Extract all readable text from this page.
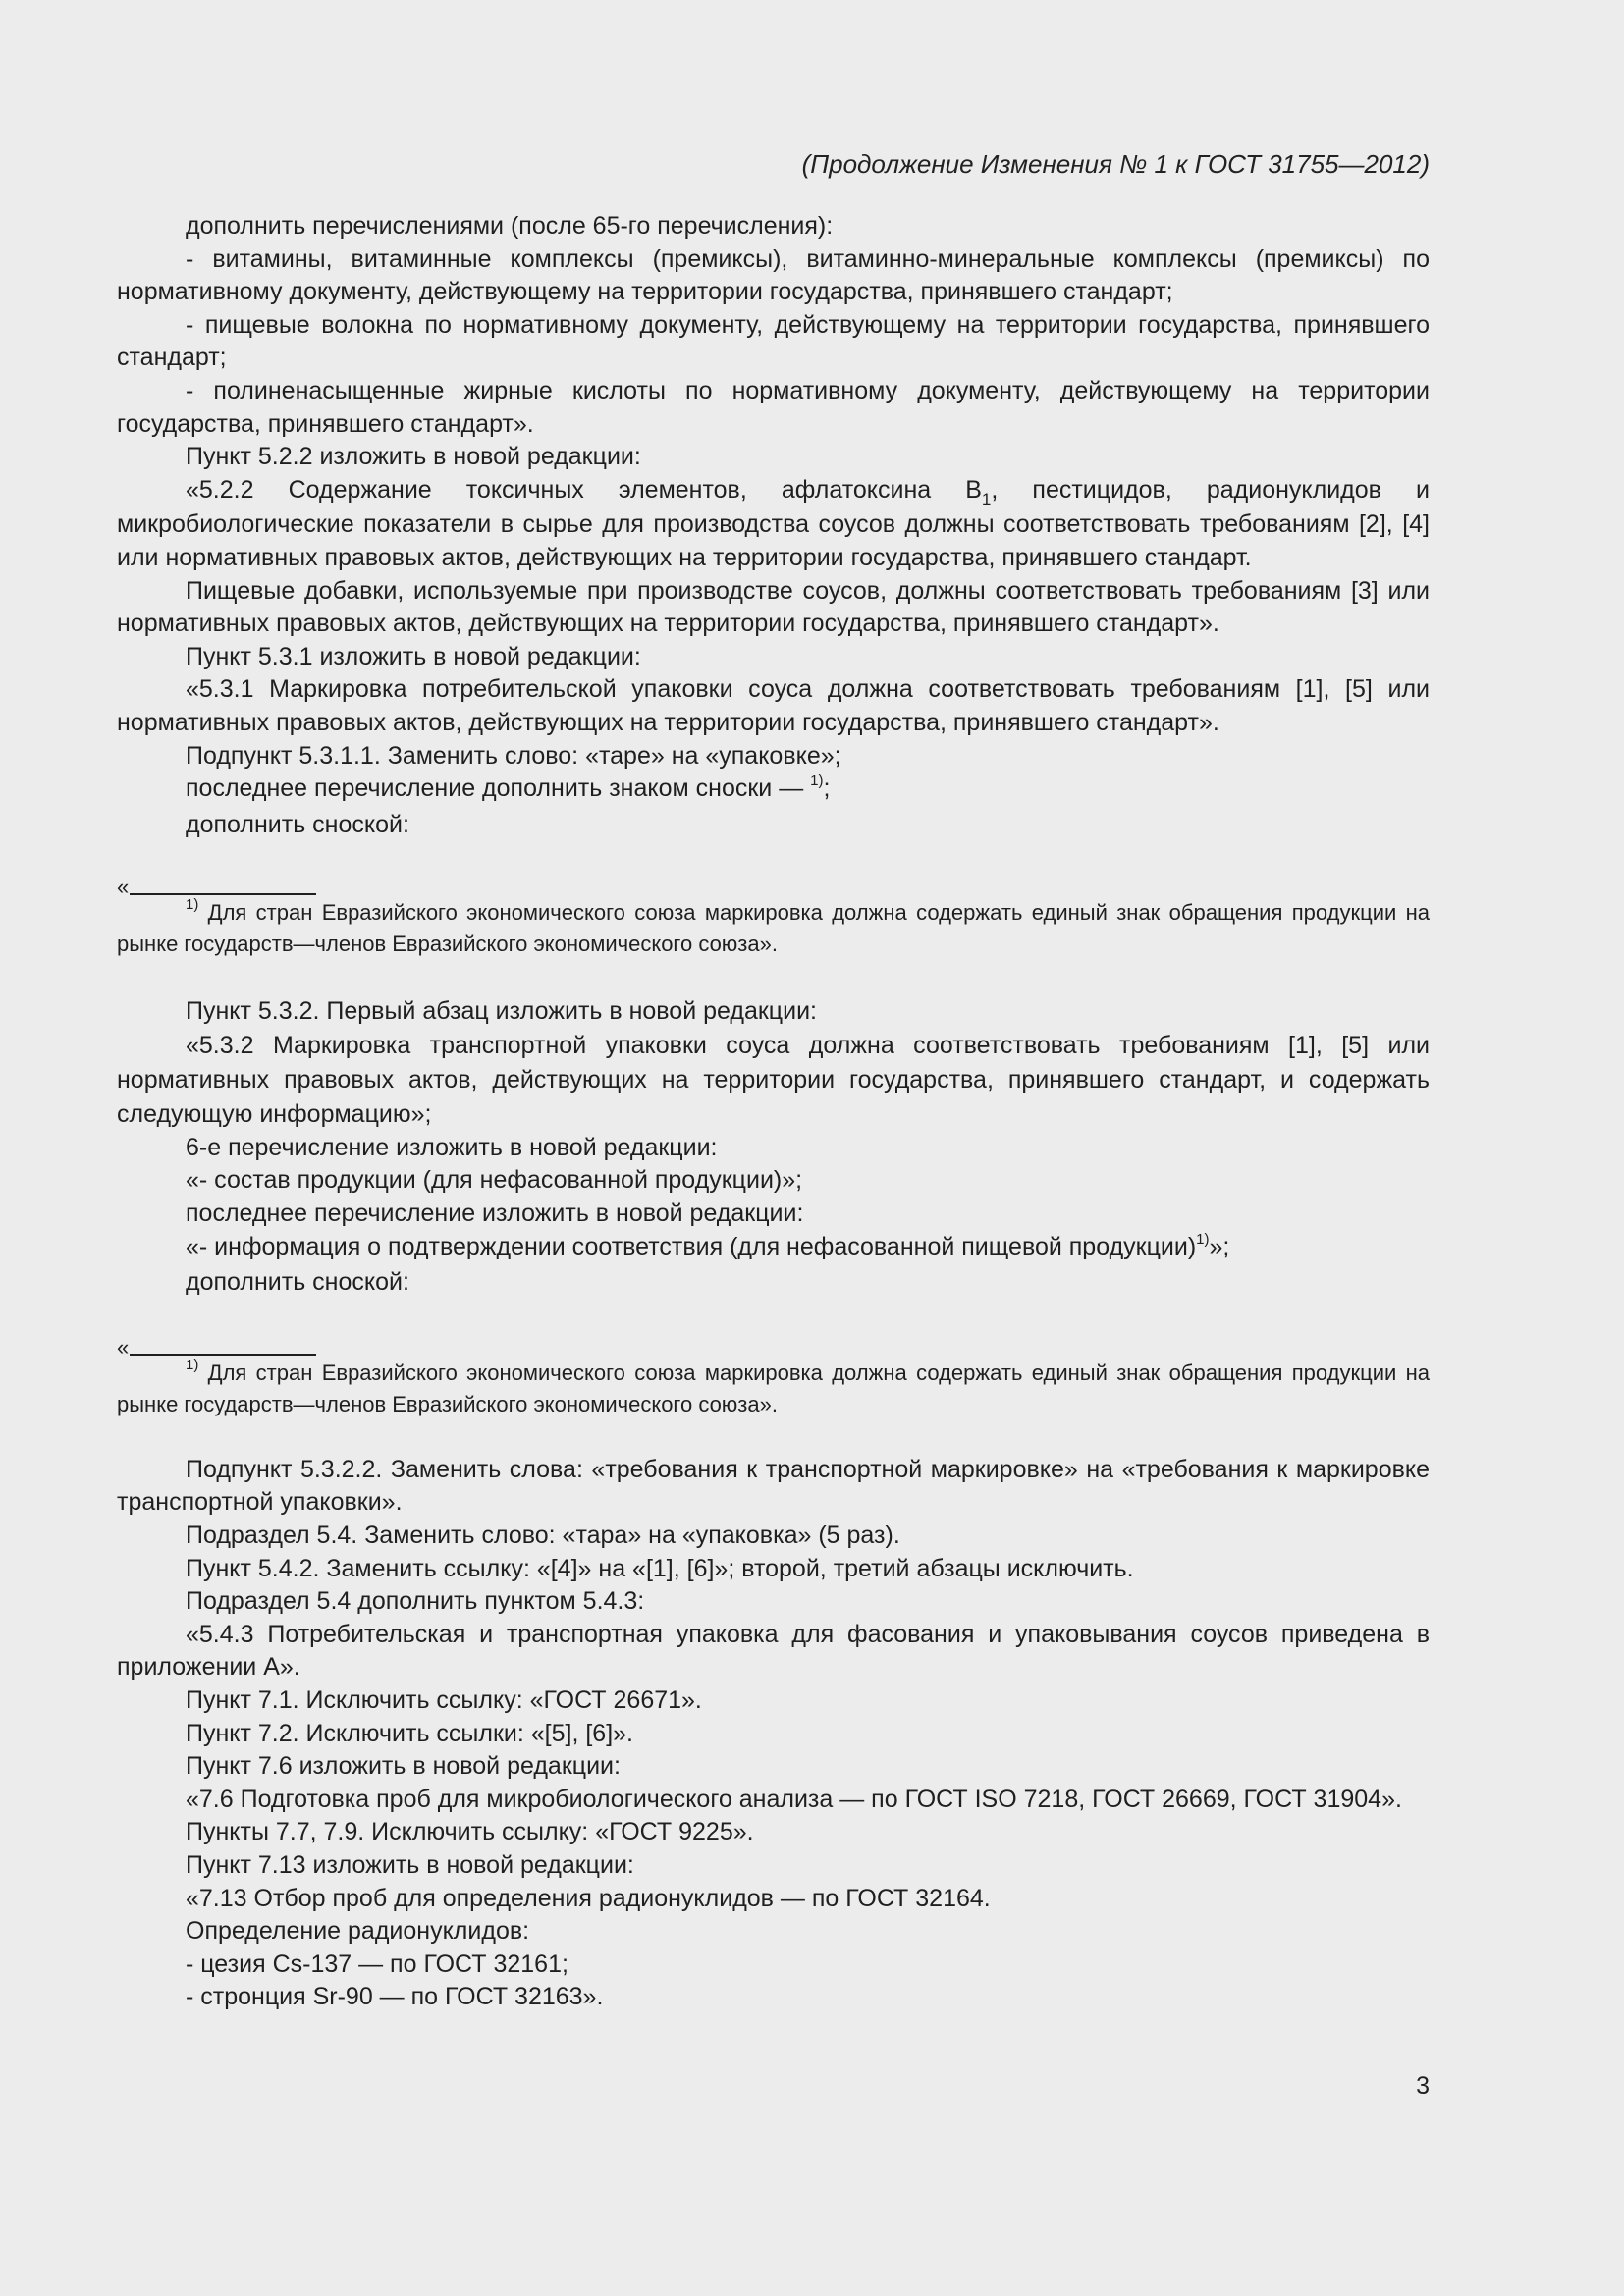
(Продолжение Изменения № 1 к ГОСТ 31755—2012)

дополнить перечислениями (после 65-го перечисления):

- витамины, витаминные комплексы (премиксы), витаминно-минеральные комплексы (премиксы) по нормативному документу, действующему на территории государства, принявшего стандарт;

- пищевые волокна по нормативному документу, действующему на территории государства, принявшего стандарт;

- полиненасыщенные жирные кислоты по нормативному документу, действующему на территории государства, принявшего стандарт».

Пункт 5.2.2 изложить в новой редакции:

«5.2.2 Содержание токсичных элементов, афлатоксина $B_1$, пестицидов, радионуклидов и микробиологические показатели в сырье для производства соусов должны соответствовать требованиям [2], [4] или нормативных правовых актов, действующих на территории государства, принявшего стандарт.

Пищевые добавки, используемые при производстве соусов, должны соответствовать требованиям [3] или нормативных правовых актов, действующих на территории государства, принявшего стандарт».

Пункт 5.3.1 изложить в новой редакции:

«5.3.1 Маркировка потребительской упаковки соуса должна соответствовать требованиям [1], [5] или нормативных правовых актов, действующих на территории государства, принявшего стандарт».

Подпункт 5.3.1.1. Заменить слово: «таре» на «упаковке»;

последнее перечисление дополнить знаком сноски — $^{1)}$;

дополнить сноской:

«

$^{1)}$ Для стран Евразийского экономического союза маркировка должна содержать единый знак обращения продукции на рынке государств—членов Евразийского экономического союза».

Пункт 5.3.2. Первый абзац изложить в новой редакции:

«5.3.2 Маркировка транспортной упаковки соуса должна соответствовать требованиям [1], [5] или нормативных правовых актов, действующих на территории государства, принявшего стандарт, и содержать следующую информацию»;

6-е перечисление изложить в новой редакции:

«- состав продукции (для нефасованной продукции)»;

последнее перечисление изложить в новой редакции:

«- информация о подтверждении соответствия (для нефасованной пищевой продукции)$^{1)}$»;

дополнить сноской:

«

$^{1)}$ Для стран Евразийского экономического союза маркировка должна содержать единый знак обращения продукции на рынке государств—членов Евразийского экономического союза».

Подпункт 5.3.2.2. Заменить слова: «требования к транспортной маркировке» на «требования к маркировке транспортной упаковки».

Подраздел 5.4. Заменить слово: «тара» на «упаковка» (5 раз).

Пункт 5.4.2. Заменить ссылку: «[4]» на «[1], [6]»; второй, третий абзацы исключить.

Подраздел 5.4 дополнить пунктом 5.4.3:

«5.4.3 Потребительская и транспортная упаковка для фасования и упаковывания соусов приведена в приложении А».

Пункт 7.1. Исключить ссылку: «ГОСТ 26671».

Пункт 7.2. Исключить ссылки: «[5], [6]».

Пункт 7.6 изложить в новой редакции:

«7.6 Подготовка проб для микробиологического анализа — по ГОСТ ISO 7218, ГОСТ 26669, ГОСТ 31904».

Пункты 7.7, 7.9. Исключить ссылку: «ГОСТ 9225».

Пункт 7.13 изложить в новой редакции:

«7.13 Отбор проб для определения радионуклидов — по ГОСТ 32164.

Определение радионуклидов:

- цезия Cs-137 — по ГОСТ 32161;

- стронция Sr-90 — по ГОСТ 32163».

3
